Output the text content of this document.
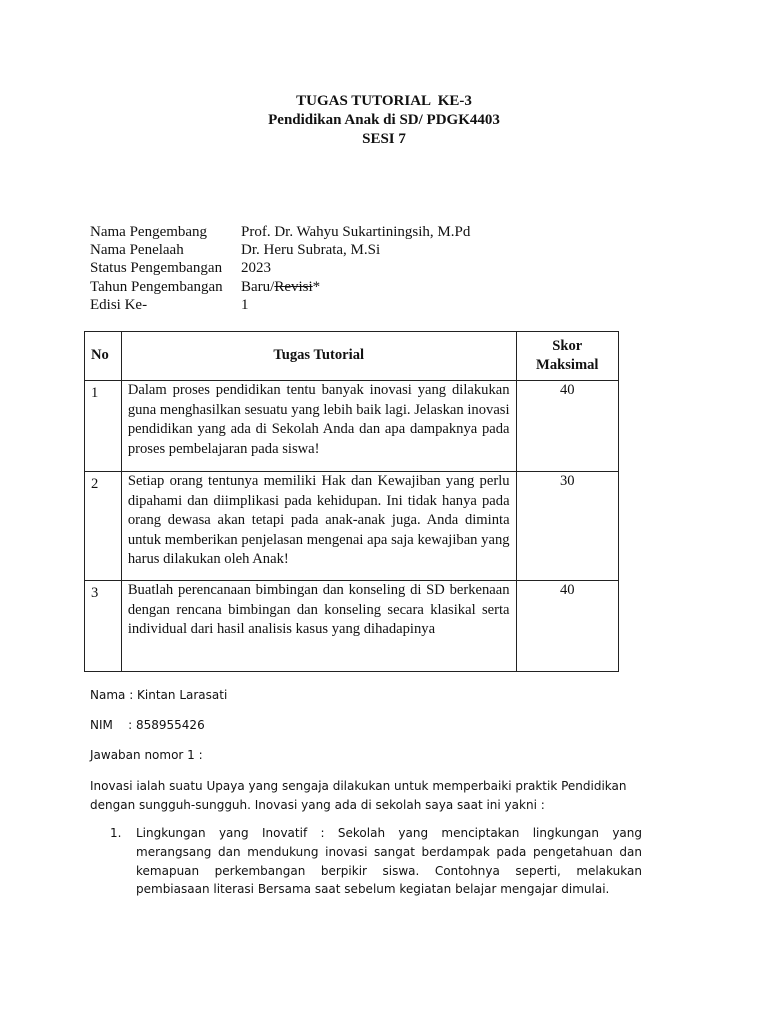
TUGAS TUTORIAL  KE-3
Pendidikan Anak di SD/ PDGK4403
SESI 7
Nama Pengembang	Prof. Dr. Wahyu Sukartiningsih, M.Pd
Nama Penelaah	Dr. Heru Subrata, M.Si
Status Pengembangan	2023
Tahun Pengembangan	Baru/Revisi*
Edisi Ke-	1
No	Tugas Tutorial	Skor
Maksimal

1	Dalam proses pendidikan tentu banyak inovasi yang dilakukan guna menghasilkan sesuatu yang lebih baik lagi. Jelaskan inovasi pendidikan yang ada di Sekolah Anda dan apa dampaknya pada proses pembelajaran pada siswa!	40
2	Setiap orang tentunya memiliki Hak dan Kewajiban yang perlu dipahami dan diimplikasi pada kehidupan. Ini tidak hanya pada orang dewasa akan tetapi pada anak-anak juga. Anda diminta untuk memberikan penjelasan mengenai apa saja kewajiban yang harus dilakukan oleh Anak!	30
3	Buatlah perencanaan bimbingan dan konseling di SD berkenaan dengan rencana bimbingan dan konseling secara klasikal serta individual dari hasil analisis kasus yang dihadapinya	40

Nama : Kintan Larasati

NIM    : 858955426

Jawaban nomor 1 :

Inovasi ialah suatu Upaya yang sengaja dilakukan untuk memperbaiki praktik Pendidikan dengan sungguh-sungguh. Inovasi yang ada di sekolah saya saat ini yakni :

1.	Lingkungan yang Inovatif : Sekolah yang menciptakan lingkungan yang merangsang dan mendukung inovasi sangat berdampak pada pengetahuan dan kemapuan perkembangan berpikir siswa. Contohnya seperti, melakukan pembiasaan literasi Bersama saat sebelum kegiatan belajar mengajar dimulai.
